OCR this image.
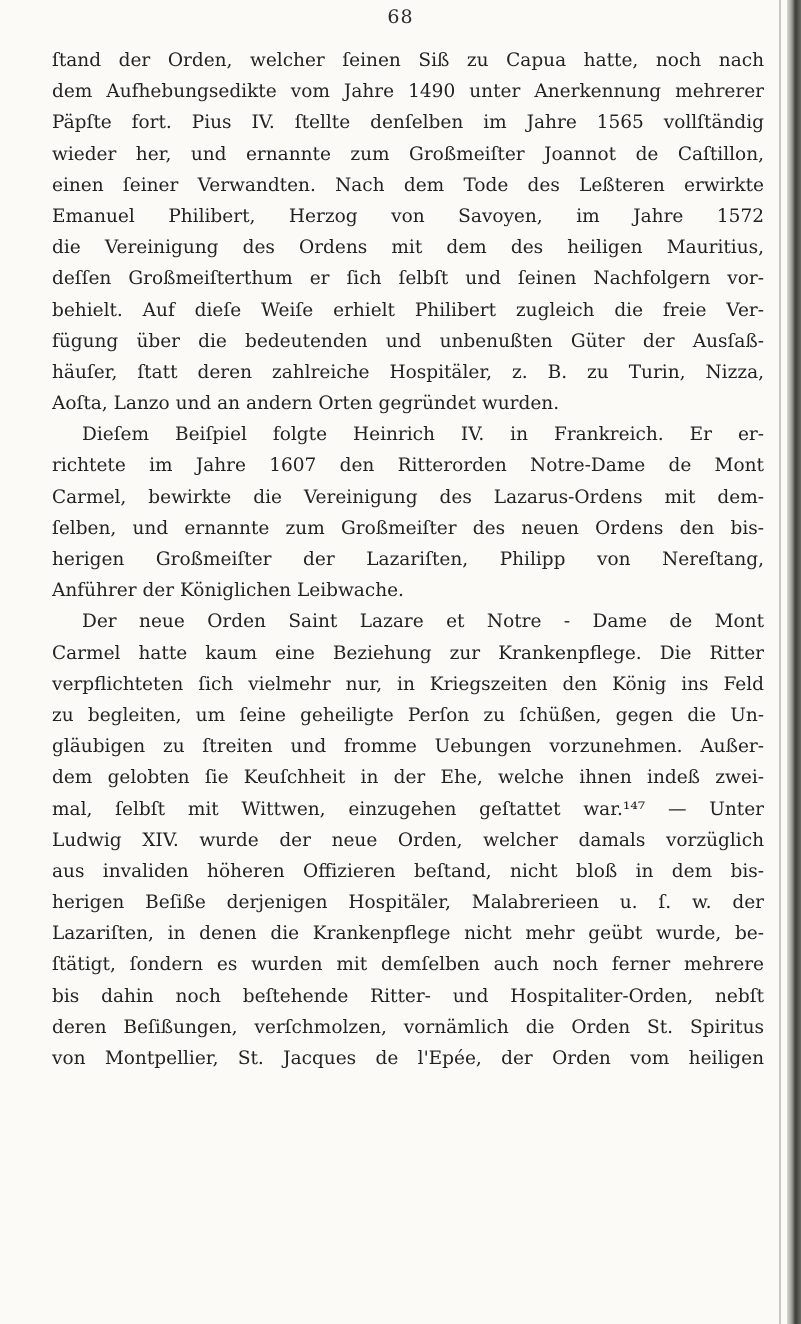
68
ſtand der Orden, welcher ſeinen Siß zu Capua hatte, noch nach
dem Aufhebungsedikte vom Jahre 1490 unter Anerkennung mehrerer
Päpſte fort. Pius IV. ſtellte denſelben im Jahre 1565 vollſtändig
wieder her, und ernannte zum Großmeiſter Joannot de Caſtillon,
einen ſeiner Verwandten. Nach dem Tode des Leßteren erwirkte
Emanuel Philibert, Herzog von Savoyen, im Jahre 1572
die Vereinigung des Ordens mit dem des heiligen Mauritius,
deſſen Großmeiſterthum er ſich ſelbſt und ſeinen Nachfolgern vor-
behielt. Auf dieſe Weiſe erhielt Philibert zugleich die freie Ver-
fügung über die bedeutenden und unbenußten Güter der Ausſaß-
häuſer, ſtatt deren zahlreiche Hospitäler, z. B. zu Turin, Nizza,
Aoſta, Lanzo und an andern Orten gegründet wurden.
Dieſem Beiſpiel folgte Heinrich IV. in Frankreich. Er er-
richtete im Jahre 1607 den Ritterorden Notre-Dame de Mont
Carmel, bewirkte die Vereinigung des Lazarus-Ordens mit dem-
ſelben, und ernannte zum Großmeiſter des neuen Ordens den bis-
herigen Großmeiſter der Lazariſten, Philipp von Nereſtang,
Anführer der Königlichen Leibwache.
Der neue Orden Saint Lazare et Notre - Dame de Mont
Carmel hatte kaum eine Beziehung zur Krankenpflege. Die Ritter
verpflichteten ſich vielmehr nur, in Kriegszeiten den König ins Feld
zu begleiten, um ſeine geheiligte Perſon zu ſchüßen, gegen die Un-
gläubigen zu ſtreiten und fromme Uebungen vorzunehmen. Außer-
dem gelobten ſie Keuſchheit in der Ehe, welche ihnen indeß zwei-
mal, ſelbſt mit Wittwen, einzugehen geſtattet war.¹⁴⁷ — Unter
Ludwig XIV. wurde der neue Orden, welcher damals vorzüglich
aus invaliden höheren Offizieren beſtand, nicht bloß in dem bis-
herigen Beſiße derjenigen Hospitäler, Malabrerieen u. ſ. w. der
Lazariſten, in denen die Krankenpflege nicht mehr geübt wurde, be-
ſtätigt, ſondern es wurden mit demſelben auch noch ferner mehrere
bis dahin noch beſtehende Ritter- und Hospitaliter-Orden, nebſt
deren Beſißungen, verſchmolzen, vornämlich die Orden St. Spiritus
von Montpellier, St. Jacques de l'Epée, der Orden vom heiligen
